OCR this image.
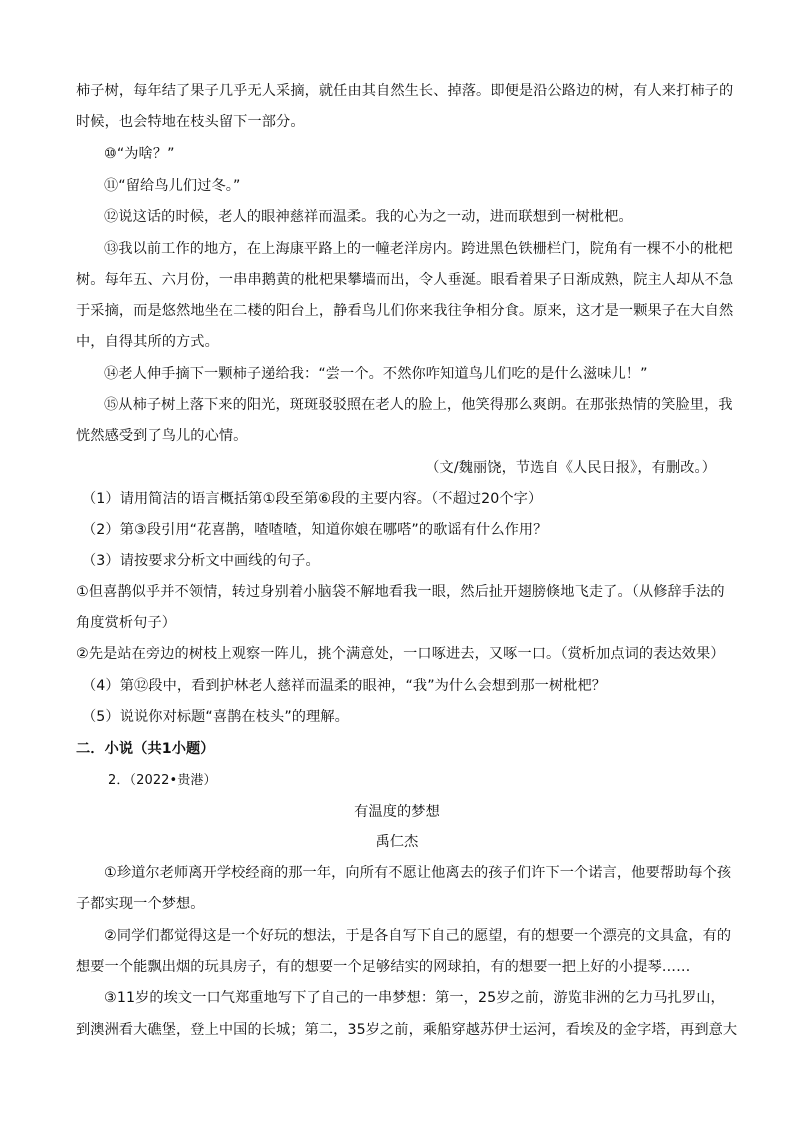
柿子树，每年结了果子几乎无人采摘，就任由其自然生长、掉落。即便是沿公路边的树，有人来打柿子的
时候，也会特地在枝头留下一部分。
⑩“为啥？”
⑪“留给鸟儿们过冬。”
⑫说这话的时候，老人的眼神慈祥而温柔。我的心为之一动，进而联想到一树枇杷。
⑬我以前工作的地方，在上海康平路上的一幢老洋房内。跨进黑色铁栅栏门，院角有一棵不小的枇杷
树。每年五、六月份，一串串鹅黄的枇杷果攀墙而出，令人垂涎。眼看着果子日渐成熟，院主人却从不急
于采摘，而是悠然地坐在二楼的阳台上，静看鸟儿们你来我往争相分食。原来，这才是一颗果子在大自然
中，自得其所的方式。
⑭老人伸手摘下一颗柿子递给我：“尝一个。不然你咋知道鸟儿们吃的是什么滋味儿！”
⑮从柿子树上落下来的阳光，斑斑驳驳照在老人的脸上，他笑得那么爽朗。在那张热情的笑脸里，我
恍然感受到了鸟儿的心情。
（文/魏丽饶，节选自《人民日报》，有删改。）
（1）请用简洁的语言概括第①段至第⑥段的主要内容。（不超过20个字）
（2）第③段引用“花喜鹊，喳喳喳，知道你娘在哪嗒”的歌谣有什么作用？
（3）请按要求分析文中画线的句子。
①但喜鹊似乎并不领情，转过身别着小脑袋不解地看我一眼，然后扯开翅膀倏地飞走了。（从修辞手法的
角度赏析句子）
②先是站在旁边的树枝上观察一阵儿，挑个满意处，一口啄进去，又啄一口。（赏析加点词的表达效果）
（4）第⑫段中，看到护林老人慈祥而温柔的眼神，“我”为什么会想到那一树枇杷？
（5）说说你对标题“喜鹊在枝头”的理解。
二．小说（共1小题）
2．（2022•贵港）
有温度的梦想
禹仁杰
①珍道尔老师离开学校经商的那一年，向所有不愿让他离去的孩子们许下一个诺言，他要帮助每个孩
子都实现一个梦想。
②同学们都觉得这是一个好玩的想法，于是各自写下自己的愿望，有的想要一个漂亮的文具盒，有的
想要一个能飘出烟的玩具房子，有的想要一个足够结实的网球拍，有的想要一把上好的小提琴……
③11岁的埃文一口气郑重地写下了自己的一串梦想：第一，25岁之前，游览非洲的乞力马扎罗山，
到澳洲看大礁堡，登上中国的长城；第二，35岁之前，乘船穿越苏伊士运河，看埃及的金字塔，再到意大
